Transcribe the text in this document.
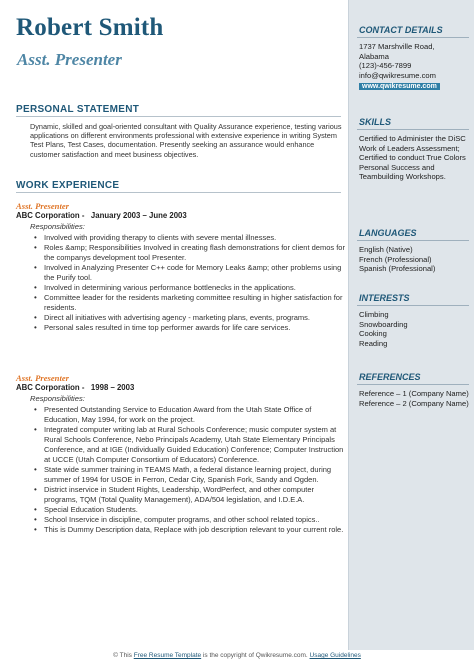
Robert Smith
Asst. Presenter
PERSONAL STATEMENT
Dynamic, skilled and goal-oriented consultant with Quality Assurance experience, testing various applications on different environments professional with extensive experience in writing System Test Plans, Test Cases, documentation. Presently seeking an assurance would enhance customer satisfaction and meet business objectives.
WORK EXPERIENCE
Asst. Presenter
ABC Corporation -   January 2003 – June 2003
Responsibilities:
• Involved with providing therapy to clients with severe mental illnesses.
• Roles &amp; Responsibilities Involved in creating flash demonstrations for client demos for the companys development tool Presenter.
• Involved in Analyzing Presenter C++ code for Memory Leaks &amp; other problems using the Purify tool.
• Involved in determining various performance bottlenecks in the applications.
• Committee leader for the residents marketing committee resulting in higher satisfaction for residents.
• Direct all initiatives with advertising agency - marketing plans, events, programs.
• Personal sales resulted in time top performer awards for life care services.
Asst. Presenter
ABC Corporation -   1998 – 2003
Responsibilities:
• Presented Outstanding Service to Education Award from the Utah State Office of Education, May 1994, for work on the project.
• Integrated computer writing lab at Rural Schools Conference; music computer system at Rural Schools Conference, Nebo Principals Academy, Utah State Elementary Principals Conference, and at IGE (Individually Guided Education) Conference; Computer Instruction at UCCE (Utah Computer Consortium of Educators) Conference.
• State wide summer training in TEAMS Math, a federal distance learning project, during summer of 1994 for USOE in Ferron, Cedar City, Spanish Fork, Sandy and Ogden.
• District inservice in Student Rights, Leadership, WordPerfect, and other computer programs, TQM (Total Quality Management), ADA/504 legislation, and I.D.E.A.
• Special Education Students.
• School Inservice in discipline, computer programs, and other school related topics..
• This is Dummy Description data, Replace with job description relevant to your current role.
CONTACT DETAILS
1737 Marshville Road,
Alabama
(123)-456-7899
info@qwikresume.com
www.qwikresume.com
SKILLS
Certified to Administer the DiSC Work of Leaders Assessment; Certified to conduct True Colors Personal Success and Teambuilding Workshops.
LANGUAGES
English (Native)
French (Professional)
Spanish (Professional)
INTERESTS
Climbing
Snowboarding
Cooking
Reading
REFERENCES
Reference – 1 (Company Name)
Reference – 2 (Company Name)
© This Free Resume Template is the copyright of Qwikresume.com. Usage Guidelines
